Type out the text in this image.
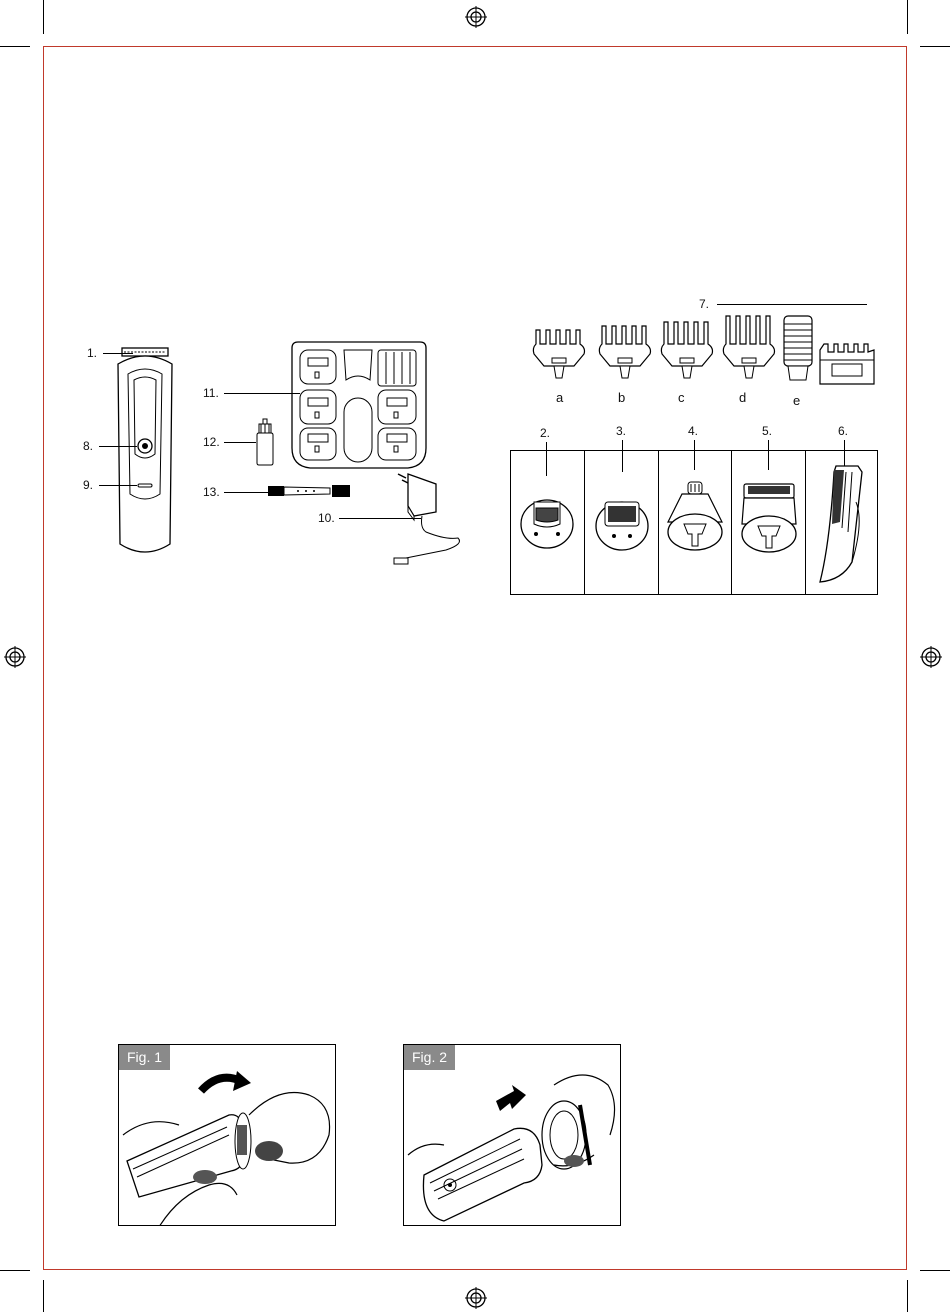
1.
8.
9.
11.
12.
13.
10.
7.
a	b	c	d	e
2.	3.	4.	5.	6.
Fig. 1	Fig. 2
